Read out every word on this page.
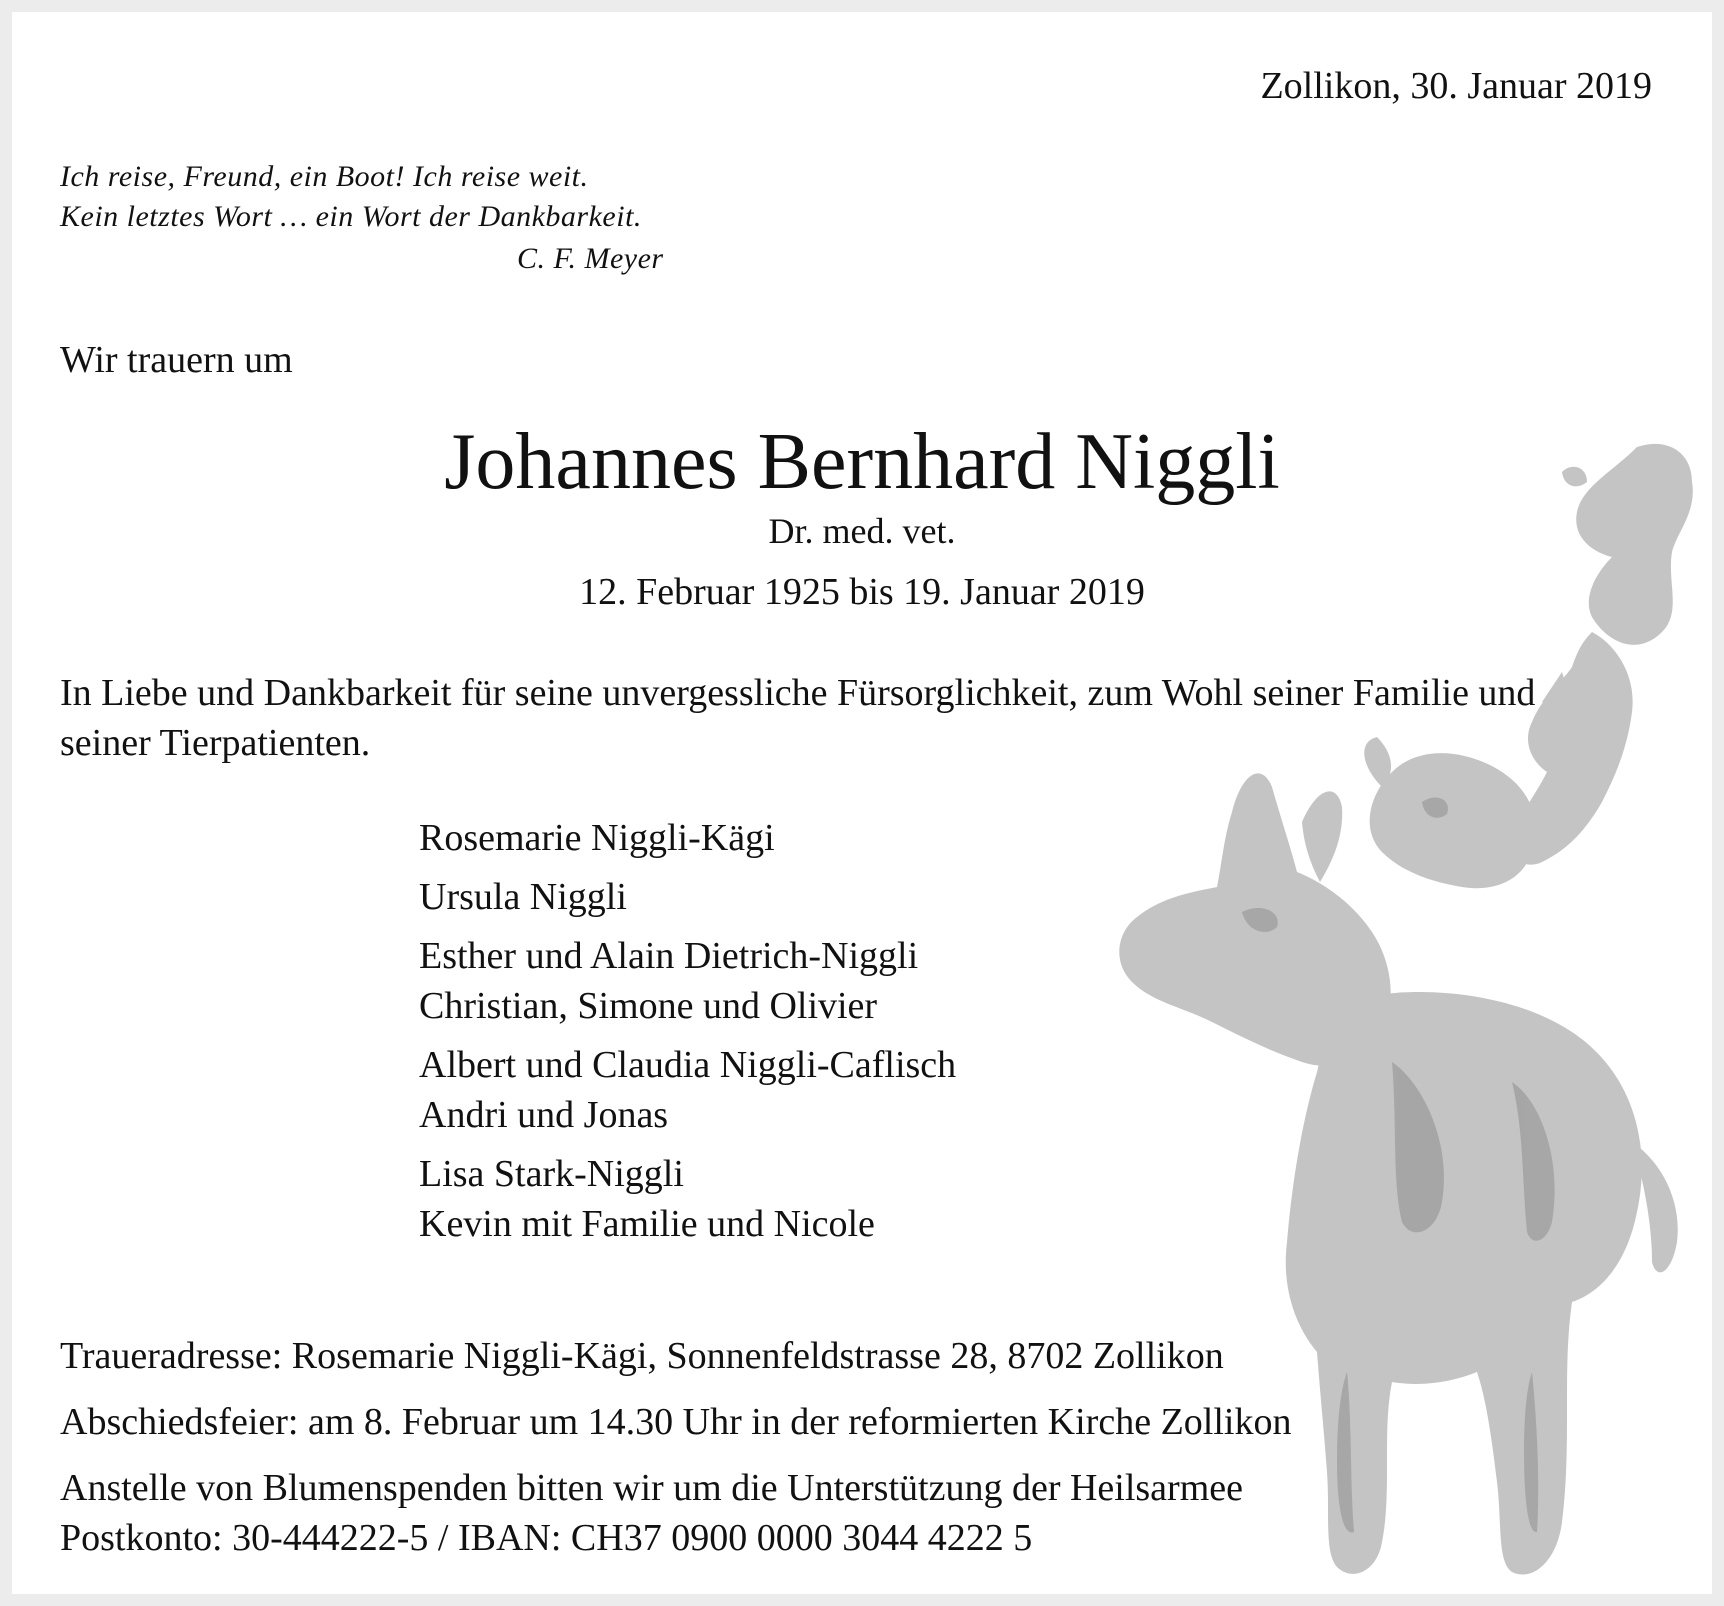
Zollikon, 30. Januar 2019
Ich reise, Freund, ein Boot! Ich reise weit.
Kein letztes Wort … ein Wort der Dankbarkeit.
C. F. Meyer
Wir trauern um
Johannes Bernhard Niggli
Dr. med. vet.
12. Februar 1925 bis 19. Januar 2019
In Liebe und Dankbarkeit für seine unvergessliche Fürsorglichkeit, zum Wohl seiner Familie und seiner Tierpatienten.
Rosemarie Niggli-Kägi
Ursula Niggli
Esther und Alain Dietrich-Niggli
Christian, Simone und Olivier
Albert und Claudia Niggli-Caflisch
Andri und Jonas
Lisa Stark-Niggli
Kevin mit Familie und Nicole
Traueradresse: Rosemarie Niggli-Kägi, Sonnenfeldstrasse 28, 8702 Zollikon
Abschiedsfeier: am 8. Februar um 14.30 Uhr in der reformierten Kirche Zollikon
Anstelle von Blumenspenden bitten wir um die Unterstützung der Heilsarmee
Postkonto: 30-444222-5 / IBAN: CH37 0900 0000 3044 4222 5
